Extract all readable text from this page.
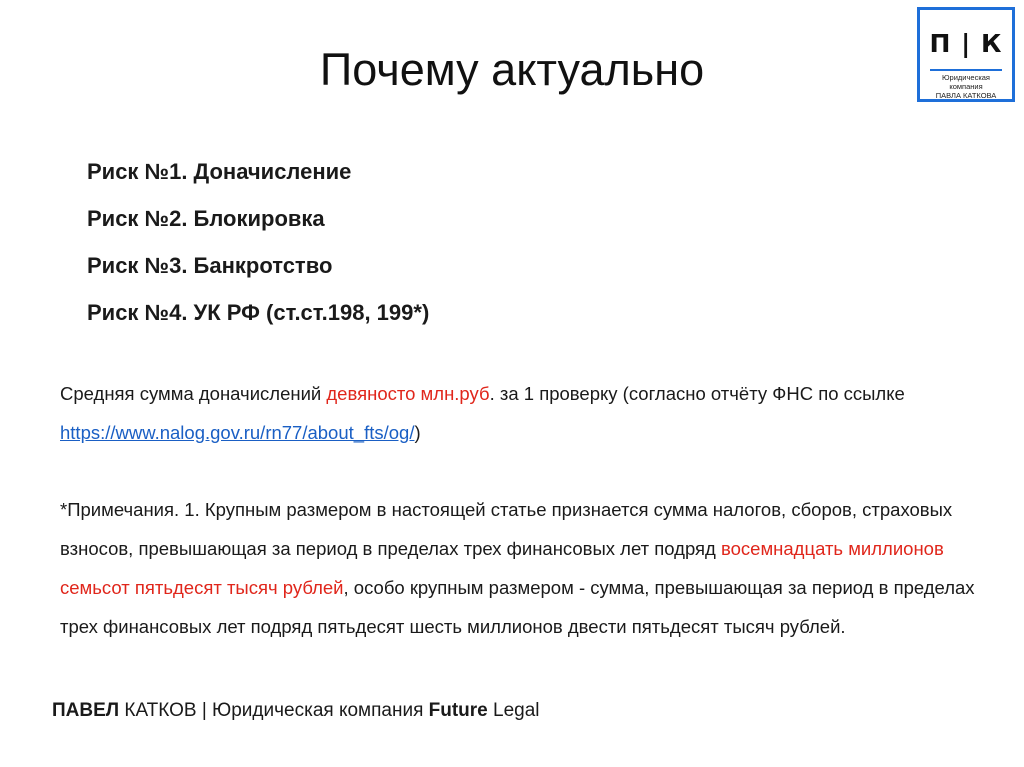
Почему актуально
П | К
Юридическая
компания
ПАВЛА КАТКОВА
Риск №1. Доначисление
Риск №2. Блокировка
Риск №3. Банкротство
Риск №4. УК РФ (ст.ст.198, 199*)

Средняя сумма доначислений девяносто млн.руб. за 1 проверку (согласно отчёту ФНС по ссылке https://www.nalog.gov.ru/rn77/about_fts/og/)

*Примечания. 1. Крупным размером в настоящей статье признается сумма налогов, сборов, страховых взносов, превышающая за период в пределах трех финансовых лет подряд восемнадцать миллионов семьсот пятьдесят тысяч рублей, особо крупным размером - сумма, превышающая за период в пределах трех финансовых лет подряд пятьдесят шесть миллионов двести пятьдесят тысяч рублей.

ПАВЕЛ КАТКОВ | Юридическая компания Future Legal
